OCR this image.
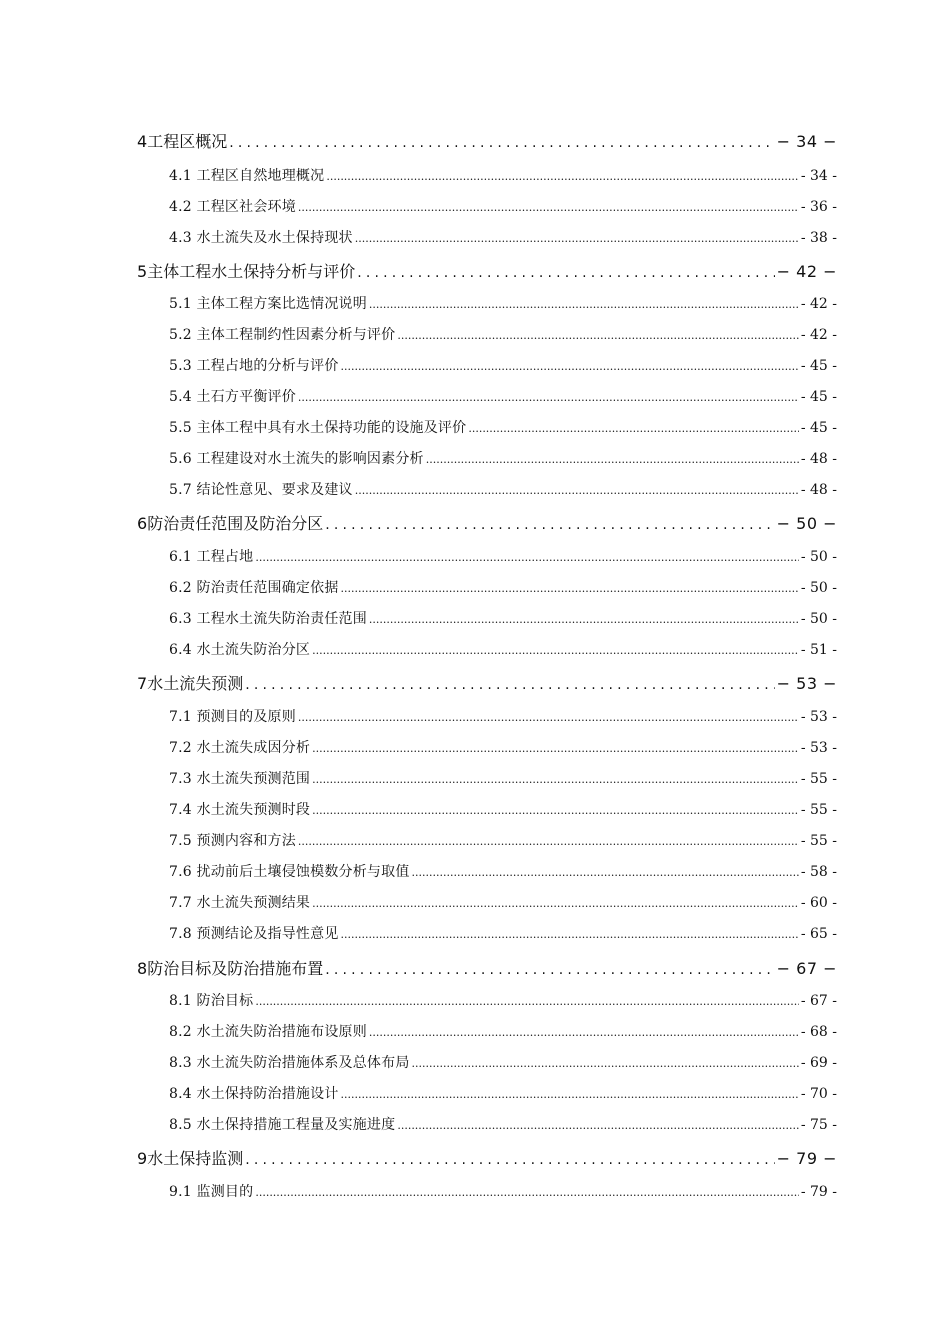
4 工程区概况 .....	− 34 −
4.1 工程区自然地理概况 .....	- 34 -
4.2 工程区社会环境 .....	- 36 -
4.3 水土流失及水土保持现状 .....	- 38 -
5 主体工程水土保持分析与评价 .....	− 42 −
5.1 主体工程方案比选情况说明 .....	- 42 -
5.2 主体工程制约性因素分析与评价 .....	- 42 -
5.3 工程占地的分析与评价 .....	- 45 -
5.4 土石方平衡评价 .....	- 45 -
5.5 主体工程中具有水土保持功能的设施及评价 .....	- 45 -
5.6 工程建设对水土流失的影响因素分析 .....	- 48 -
5.7 结论性意见、要求及建议 .....	- 48 -
6 防治责任范围及防治分区 .....	− 50 −
6.1 工程占地 .....	- 50 -
6.2 防治责任范围确定依据 .....	- 50 -
6.3 工程水土流失防治责任范围 .....	- 50 -
6.4 水土流失防治分区 .....	- 51 -
7 水土流失预测 .....	− 53 −
7.1 预测目的及原则 .....	- 53 -
7.2 水土流失成因分析 .....	- 53 -
7.3 水土流失预测范围 .....	- 55 -
7.4 水土流失预测时段 .....	- 55 -
7.5 预测内容和方法 .....	- 55 -
7.6 扰动前后土壤侵蚀模数分析与取值 .....	- 58 -
7.7 水土流失预测结果 .....	- 60 -
7.8 预测结论及指导性意见 .....	- 65 -
8 防治目标及防治措施布置 .....	− 67 −
8.1 防治目标 .....	- 67 -
8.2 水土流失防治措施布设原则 .....	- 68 -
8.3 水土流失防治措施体系及总体布局 .....	- 69 -
8.4 水土保持防治措施设计 .....	- 70 -
8.5 水土保持措施工程量及实施进度 .....	- 75 -
9 水土保持监测 .....	− 79 −
9.1 监测目的 .....	- 79 -
